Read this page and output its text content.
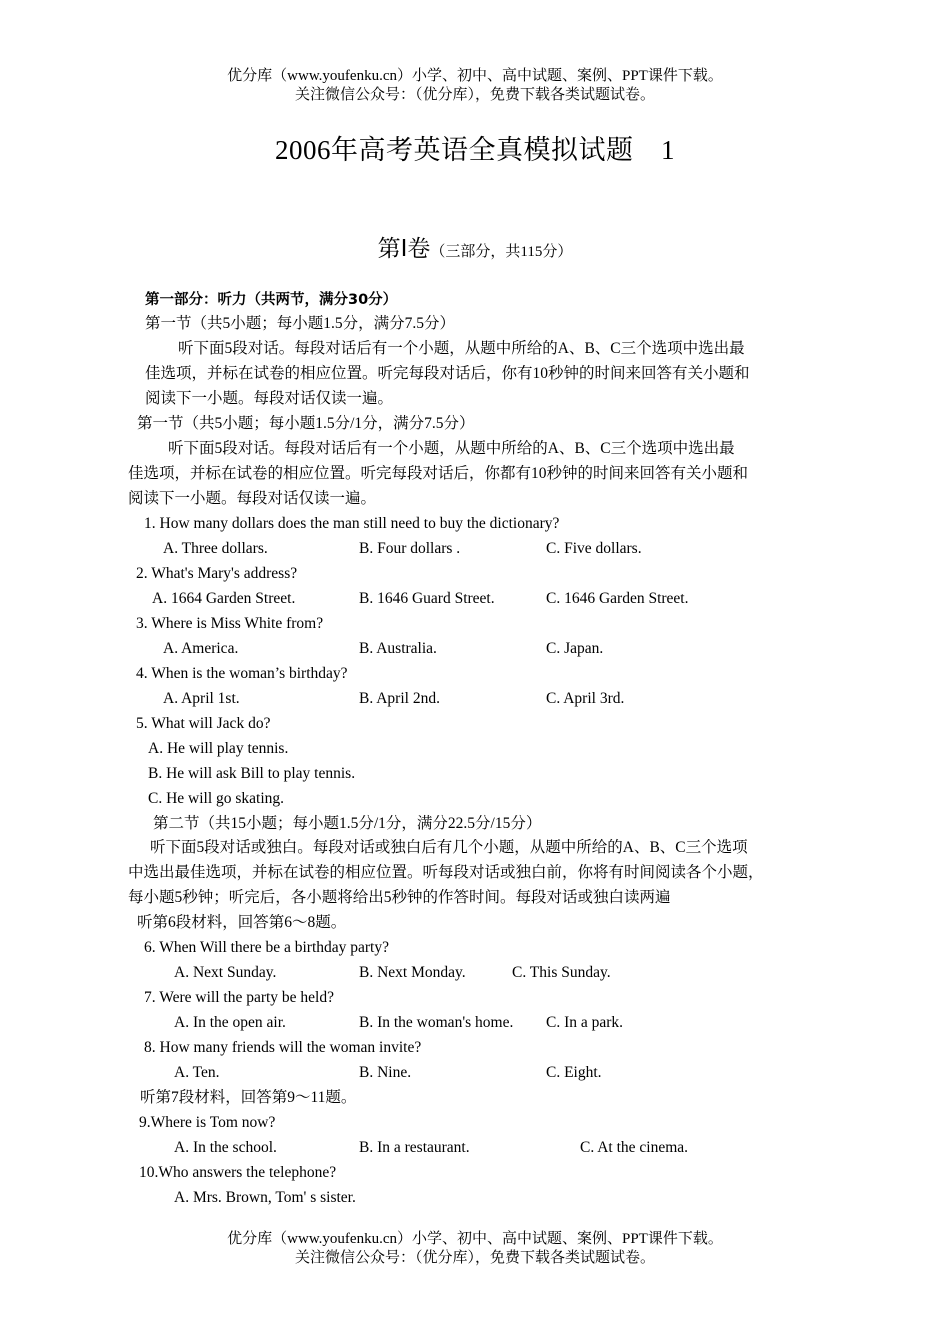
优分库（www.youfenku.cn）小学、初中、高中试题、案例、PPT课件下载。
关注微信公众号：（优分库），免费下载各类试题试卷。
2006年高考英语全真模拟试题　1
第Ⅰ卷（三部分，共115分）
第一部分：听力（共两节，满分30分）
第一节（共5小题；每小题1.5分，满分7.5分）
听下面5段对话。每段对话后有一个小题，从题中所给的A、B、C三个选项中选出最
佳选项，并标在试卷的相应位置。听完每段对话后，你有10秒钟的时间来回答有关小题和
阅读下一小题。每段对话仅读一遍。
第一节（共5小题；每小题1.5分/1分，满分7.5分）
听下面5段对话。每段对话后有一个小题，从题中所给的A、B、C三个选项中选出最
佳选项，并标在试卷的相应位置。听完每段对话后，你都有10秒钟的时间来回答有关小题和
阅读下一小题。每段对话仅读一遍。
1. How many dollars does the man still need to buy the dictionary?
A. Three dollars.	B. Four dollars .	C. Five dollars.
2. What's Mary's address?
A. 1664 Garden Street.	B. 1646 Guard Street.	C. 1646 Garden Street.
3. Where is Miss White from?
A. America.	B. Australia.	C. Japan.
4. When is the woman’s birthday?
A. April 1st.	B. April 2nd.	C. April 3rd.
5. What will Jack do?
A. He will play tennis.
B. He will ask Bill to play tennis.
C. He will go skating.
第二节（共15小题；每小题1.5分/1分，满分22.5分/15分）
听下面5段对话或独白。每段对话或独白后有几个小题，从题中所给的A、B、C三个选项
中选出最佳选项，并标在试卷的相应位置。听每段对话或独白前，你将有时间阅读各个小题，
每小题5秒钟；听完后，各小题将给出5秒钟的作答时间。每段对话或独白读两遍
听第6段材料，回答第6～8题。
6. When Will there be a birthday party?
A. Next Sunday.	B. Next Monday.	C. This Sunday.
7. Were will the party be held?
A. In the open air.	B. In the woman's home. C. In a park.
8. How many friends will the woman invite?
A. Ten.	B. Nine.	C. Eight.
听第7段材料，回答第9～11题。
9.Where is Tom now?
A. In the school.	B. In a restaurant.	C. At the cinema.
10.Who answers the telephone?
A. Mrs. Brown, Tom' s sister.
优分库（www.youfenku.cn）小学、初中、高中试题、案例、PPT课件下载。
关注微信公众号：（优分库），免费下载各类试题试卷。
